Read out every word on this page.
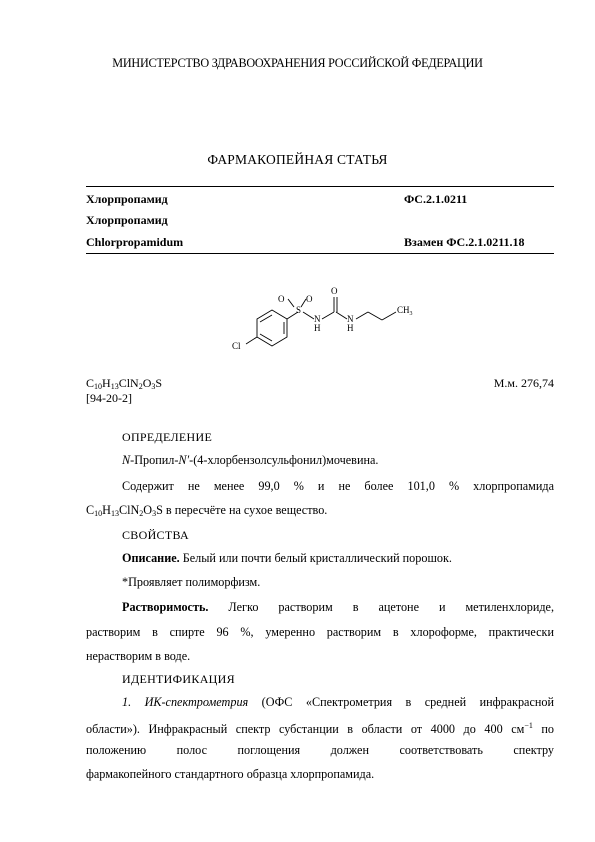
МИНИСТЕРСТВО ЗДРАВООХРАНЕНИЯ РОССИЙСКОЙ ФЕДЕРАЦИИ
ФАРМАКОПЕЙНАЯ СТАТЬЯ
Хлорпропамид	ФС.2.1.0211
Хлорпропамид
Chlorpropamidum	Взамен ФС.2.1.0211.18
O O
S
N
H
O
N
H
$CH_3$
Cl
$C_{10}H_{13}ClN_2O_3S$	М.м. 276,74
[94-20-2]
ОПРЕДЕЛЕНИЕ
N-Пропил-N′-(4-хлорбензолсульфонил)мочевина.
Содержит не менее 99,0 % и не более 101,0 % хлорпропамида
$C_{10}H_{13}ClN_2O_3S$ в пересчёте на сухое вещество.
СВОЙСТВА
Описание. Белый или почти белый кристаллический порошок.
*Проявляет полиморфизм.
Растворимость. Легко растворим в ацетоне и метиленхлориде,
растворим в спирте 96 %, умеренно растворим в хлороформе, практически
нерастворим в воде.
ИДЕНТИФИКАЦИЯ
1. ИК-спектрометрия (ОФС «Спектрометрия в средней инфракрасной
области»). Инфракрасный спектр субстанции в области от 4000 до 400 $см^{-1}$ по
положению полос поглощения должен соответствовать спектру
фармакопейного стандартного образца хлорпропамида.
